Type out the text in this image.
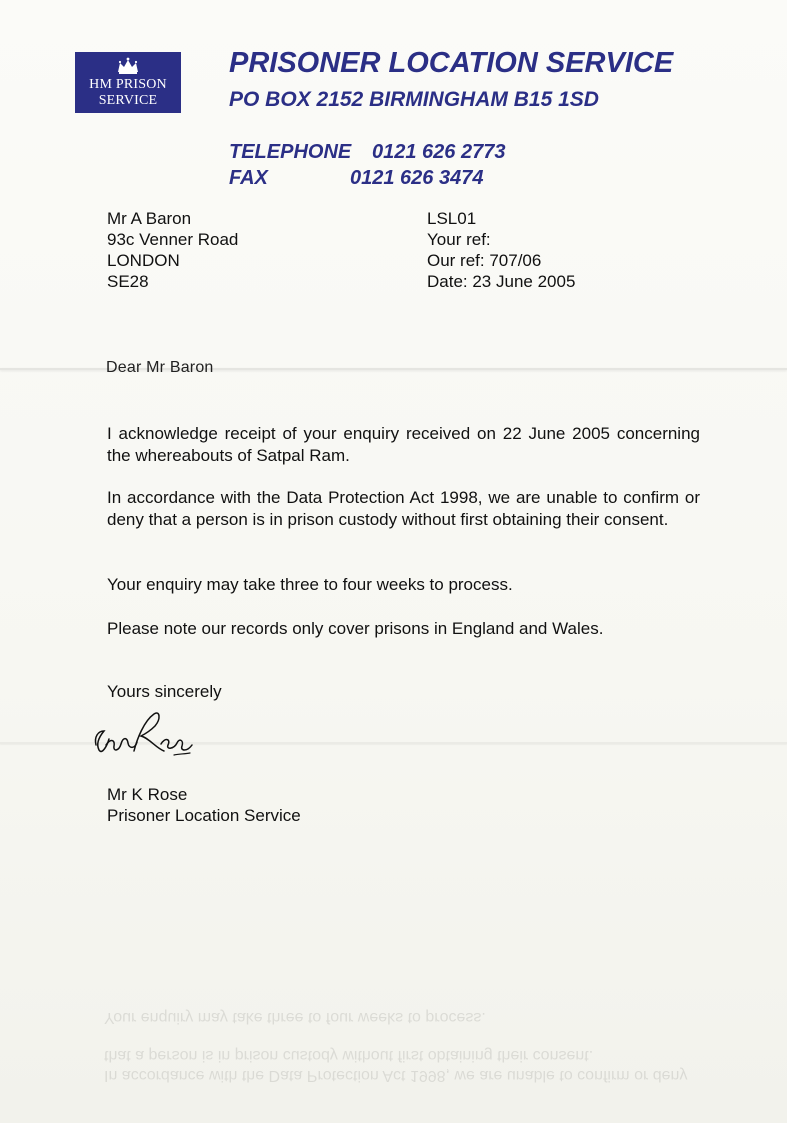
HM PRISON
SERVICE
PRISONER LOCATION SERVICE
PO BOX 2152 BIRMINGHAM B15 1SD
TELEPHONE 0121 626 2773
FAX	0121 626 3474
Mr A Baron
93c Venner Road
LONDON
SE28
LSL01
Your ref:
Our ref: 707/06
Date: 23 June 2005
Dear Mr Baron
I acknowledge receipt of your enquiry received on 22 June 2005 concerning the whereabouts of Satpal Ram.
In accordance with the Data Protection Act 1998, we are unable to confirm or deny that a person is in prison custody without first obtaining their consent.
Your enquiry may take three to four weeks to process.
Please note our records only cover prisons in England and Wales.
Yours sincerely
Mr K Rose
Prisoner Location Service
In accordance with the Data Protection Act 1998, we are unable to confirm or deny that a person is in prison custody without first obtaining their consent.
Your enquiry may take three to four weeks to process.
